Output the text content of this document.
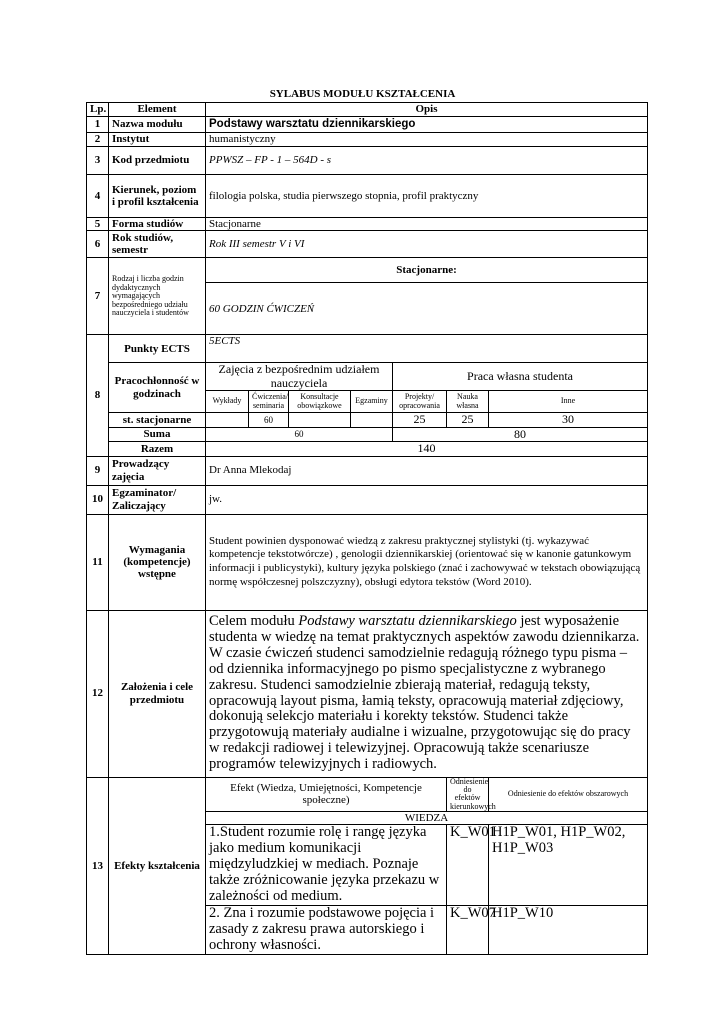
SYLABUS MODUŁU KSZTAŁCENIA
Lp.	Element	Opis						
1	Nazwa modułu	Podstawy warsztatu dziennikarskiego						
2	Instytut	humanistyczny						
3	Kod przedmiotu	PPWSZ – FP - 1 – 564D - s						
4	Kierunek, poziom i profil kształcenia	filologia polska, studia pierwszego stopnia, profil praktyczny						
5	Forma studiów	Stacjonarne						
6	Rok studiów, semestr	Rok III semestr V i VI						
7	Rodzaj i liczba godzin dydaktycznych wymagających bezpośredniego udziału nauczyciela i studentów	Stacjonarne:						
		60 GODZIN ĆWICZEŃ						
8	Punkty ECTS	5ECTS						
	Pracochłonność w godzinach	Zajęcia z bezpośrednim udziałem nauczyciela				Praca własna studenta		
		Wykłady	Ćwiczenia/ seminaria	Konsultacje obowiązkowe	Egzaminy	Projekty/ opracowania	Nauka własna	Inne
	st. stacjonarne		60			25	25	30
	Suma	60				80		
	Razem	140						
9	Prowadzący zajęcia	Dr Anna Mlekodaj						
10	Egzaminator/ Zaliczający	jw.						
11	Wymagania (kompetencje) wstępne	Student powinien dysponować wiedzą z zakresu praktycznej stylistyki (tj. wykazywać kompetencje tekstotwórcze) , genologii dziennikarskiej (orientować się w kanonie gatunkowym informacji i publicystyki), kultury języka polskiego (znać i zachowywać w tekstach obowiązującą normę współczesnej polszczyzny), obsługi edytora tekstów (Word 2010).						
12	Założenia i cele przedmiotu	Celem modułu Podstawy warsztatu dziennikarskiego jest wyposażenie studenta w wiedzę na temat praktycznych aspektów zawodu dziennikarza. W czasie ćwiczeń studenci samodzielnie redagują różnego typu pisma – od dziennika informacyjnego po pismo specjalistyczne z wybranego zakresu. Studenci samodzielnie zbierają materiał, redagują teksty, opracowują layout pisma, łamią teksty, opracowują materiał zdjęciowy, dokonują selekcjo materiału i korekty tekstów. Studenci także przygotowują materiały audialne i wizualne, przygotowując się do pracy w redakcji radiowej i telewizyjnej. Opracowują także scenariusze programów telewizyjnych i radiowych.						
13	Efekty kształcenia	Efekt (Wiedza, Umiejętności, Kompetencje społeczne)					Odniesienie do efektów kierunkowych	Odniesienie do efektów obszarowych
		WIEDZA						
		1.Student rozumie rolę i rangę języka jako medium komunikacji międzyludzkiej w mediach. Poznaje także zróżnicowanie języka przekazu w zależności od medium.					K_W01	H1P_W01, H1P_W02, H1P_W03
		2. Zna i rozumie podstawowe pojęcia i zasady z zakresu prawa autorskiego i ochrony własności.					K_W07	H1P_W10
